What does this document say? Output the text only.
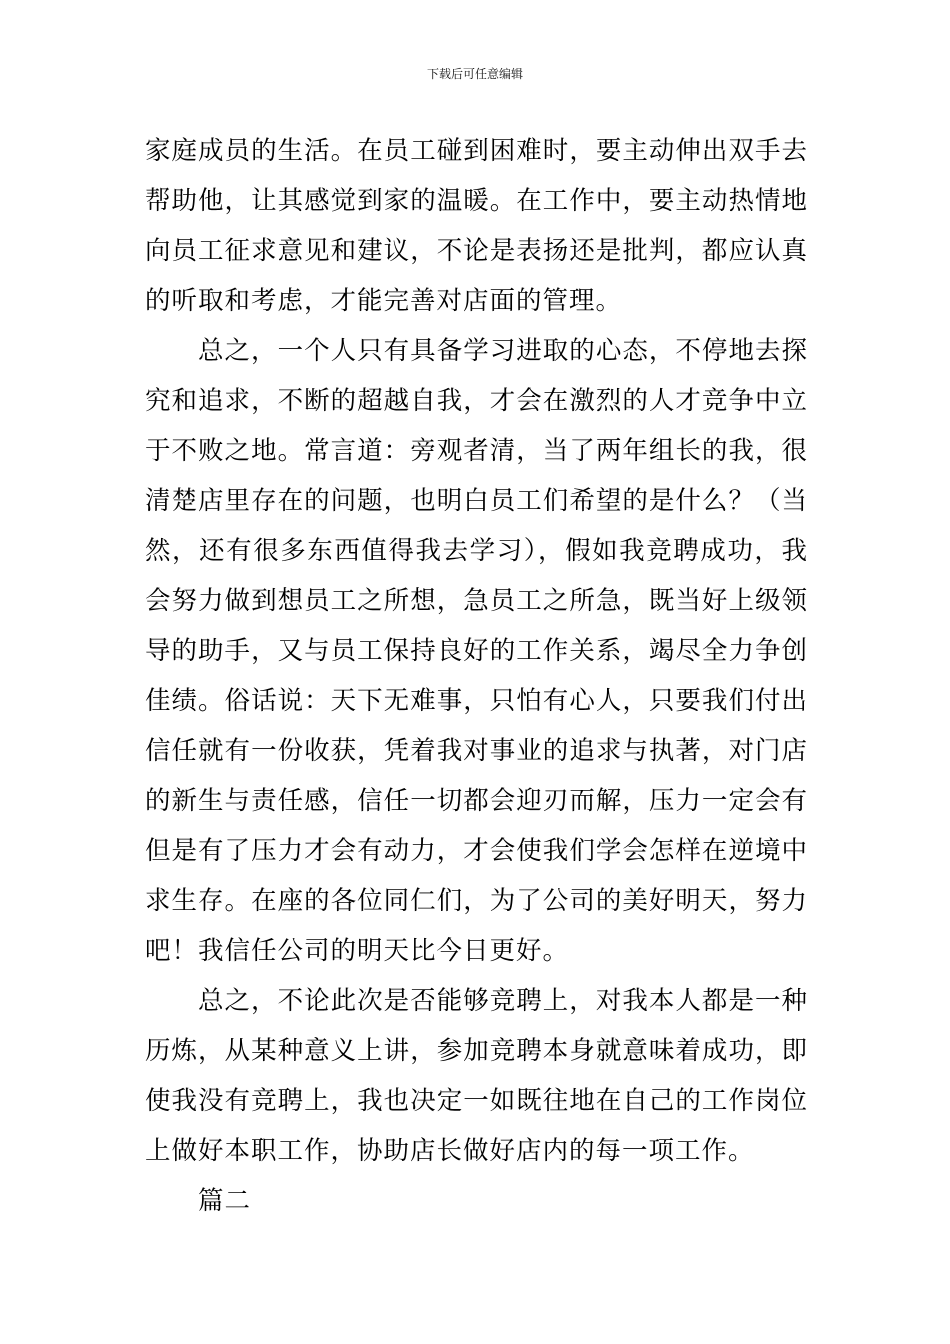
下载后可任意编辑

家庭成员的生活。在员工碰到困难时，要主动伸出双手去帮助他，让其感觉到家的温暖。在工作中，要主动热情地向员工征求意见和建议，不论是表扬还是批判，都应认真的听取和考虑，才能完善对店面的管理。

总之，一个人只有具备学习进取的心态，不停地去探究和追求，不断的超越自我，才会在激烈的人才竞争中立于不败之地。常言道：旁观者清，当了两年组长的我，很清楚店里存在的问题，也明白员工们希望的是什么？（当然，还有很多东西值得我去学习），假如我竞聘成功，我会努力做到想员工之所想，急员工之所急，既当好上级领导的助手，又与员工保持良好的工作关系，竭尽全力争创佳绩。俗话说：天下无难事，只怕有心人，只要我们付出信任就有一份收获，凭着我对事业的追求与执著，对门店的新生与责任感，信任一切都会迎刃而解，压力一定会有但是有了压力才会有动力，才会使我们学会怎样在逆境中求生存。在座的各位同仁们，为了公司的美好明天，努力吧！我信任公司的明天比今日更好。

总之，不论此次是否能够竞聘上，对我本人都是一种历炼，从某种意义上讲，参加竞聘本身就意味着成功，即使我没有竞聘上，我也决定一如既往地在自己的工作岗位上做好本职工作，协助店长做好店内的每一项工作。

篇二
